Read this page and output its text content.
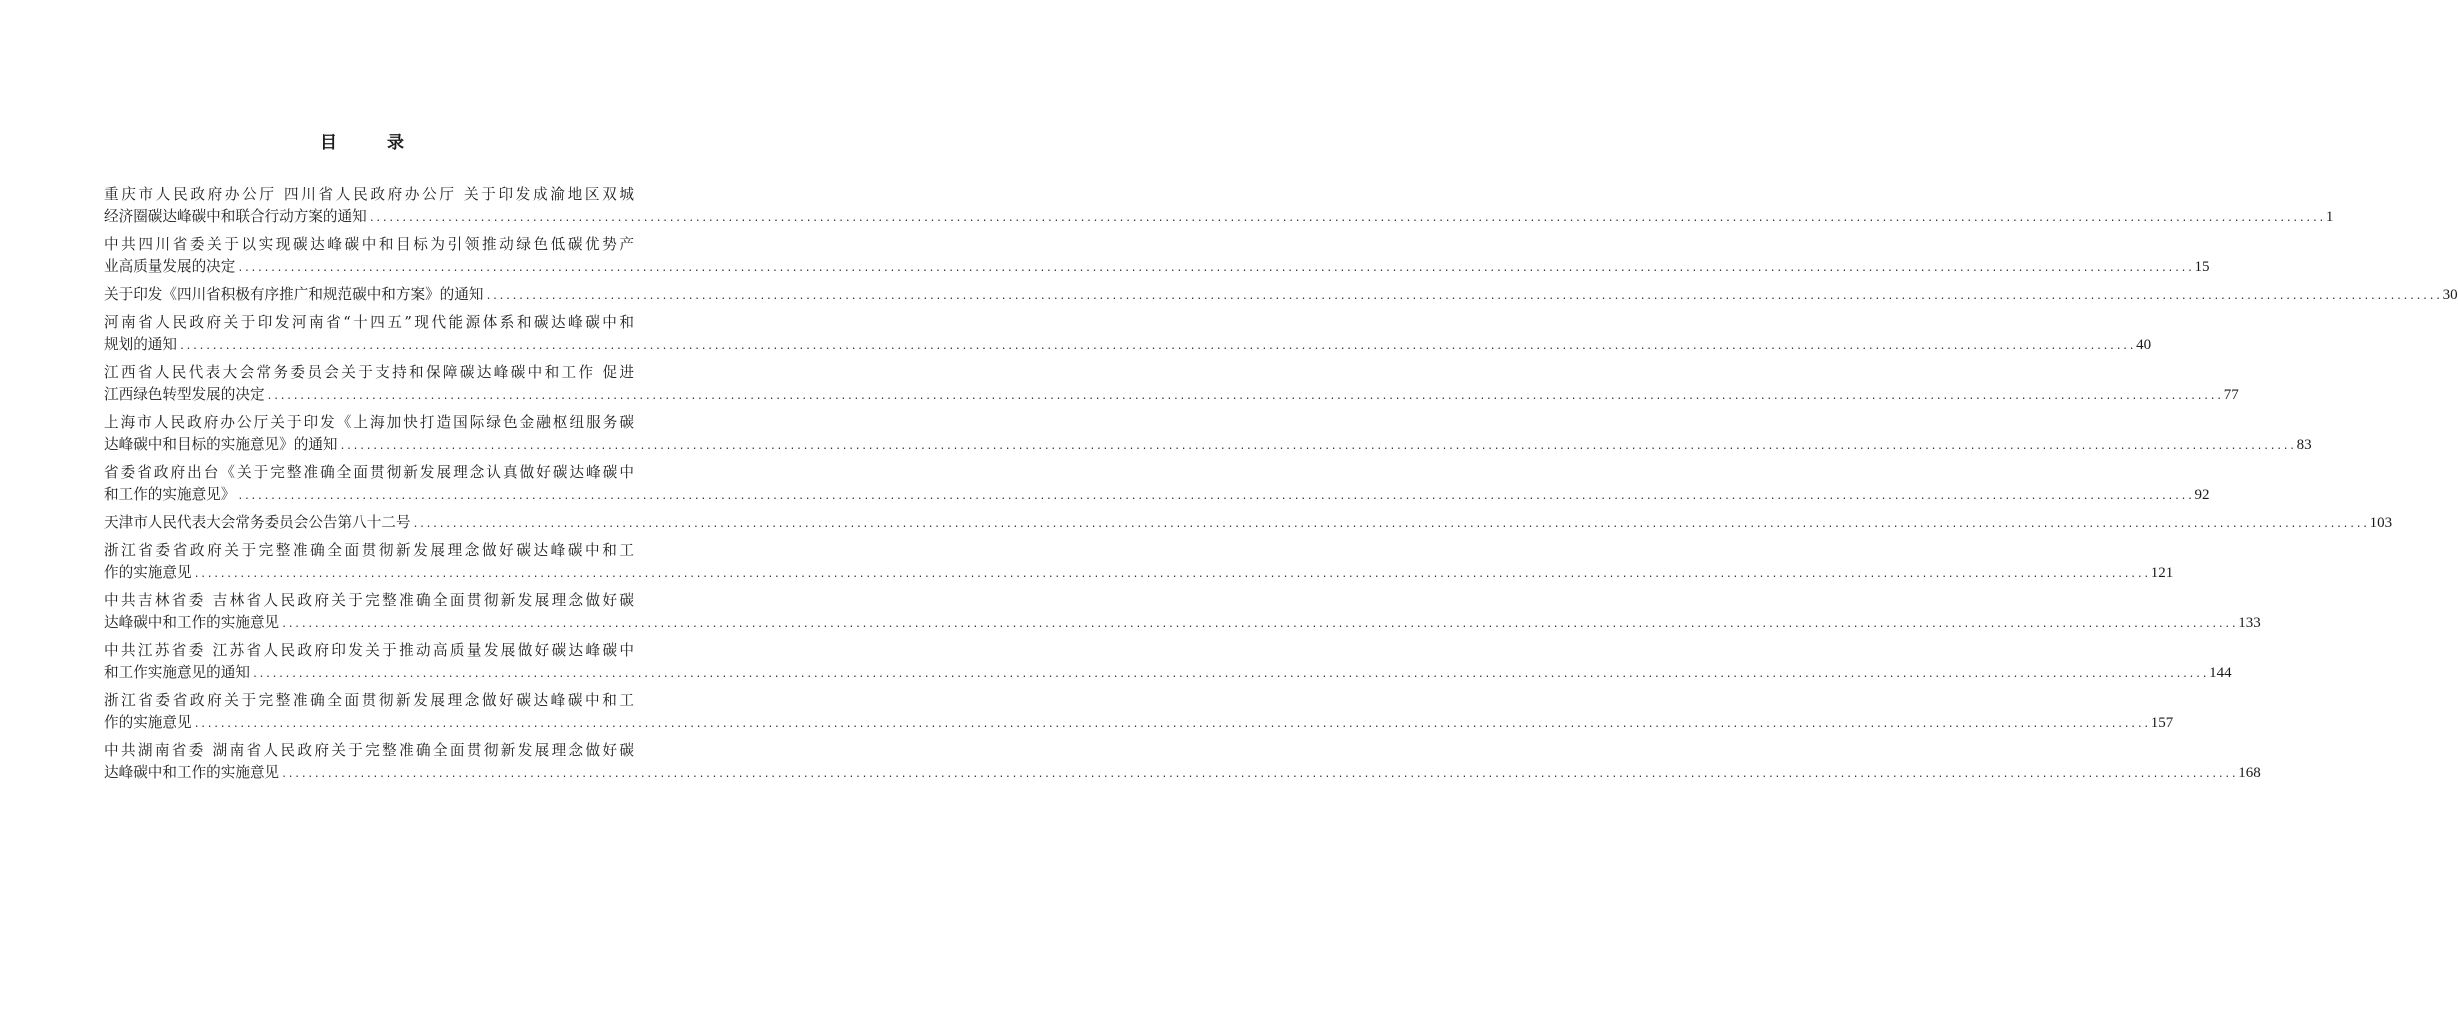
目 录
重庆市人民政府办公厅 四川省人民政府办公厅 关于印发成渝地区双城
经济圈碳达峰碳中和联合行动方案的通知 ............................................................................................................................................................................................................................................................................................................ 1
中共四川省委关于以实现碳达峰碳中和目标为引领推动绿色低碳优势产
业高质量发展的决定 ............................................................................................................................................................................................................................................................................................................ 15
关于印发《四川省积极有序推广和规范碳中和方案》的通知 ............................................................................................................................................................................................................................................................................................................ 30
河南省人民政府关于印发河南省“十四五”现代能源体系和碳达峰碳中和
规划的通知 ............................................................................................................................................................................................................................................................................................................ 40
江西省人民代表大会常务委员会关于支持和保障碳达峰碳中和工作 促进
江西绿色转型发展的决定 ............................................................................................................................................................................................................................................................................................................ 77
上海市人民政府办公厅关于印发《上海加快打造国际绿色金融枢纽服务碳
达峰碳中和目标的实施意见》的通知 ............................................................................................................................................................................................................................................................................................................ 83
省委省政府出台《关于完整准确全面贯彻新发展理念认真做好碳达峰碳中
和工作的实施意见》 ............................................................................................................................................................................................................................................................................................................ 92
天津市人民代表大会常务委员会公告第八十二号 ............................................................................................................................................................................................................................................................................................................ 103
浙江省委省政府关于完整准确全面贯彻新发展理念做好碳达峰碳中和工
作的实施意见 ............................................................................................................................................................................................................................................................................................................ 121
中共吉林省委 吉林省人民政府关于完整准确全面贯彻新发展理念做好碳
达峰碳中和工作的实施意见 ............................................................................................................................................................................................................................................................................................................ 133
中共江苏省委 江苏省人民政府印发关于推动高质量发展做好碳达峰碳中
和工作实施意见的通知 ............................................................................................................................................................................................................................................................................................................ 144
浙江省委省政府关于完整准确全面贯彻新发展理念做好碳达峰碳中和工
作的实施意见 ............................................................................................................................................................................................................................................................................................................ 157
中共湖南省委 湖南省人民政府关于完整准确全面贯彻新发展理念做好碳
达峰碳中和工作的实施意见 ............................................................................................................................................................................................................................................................................................................ 168
